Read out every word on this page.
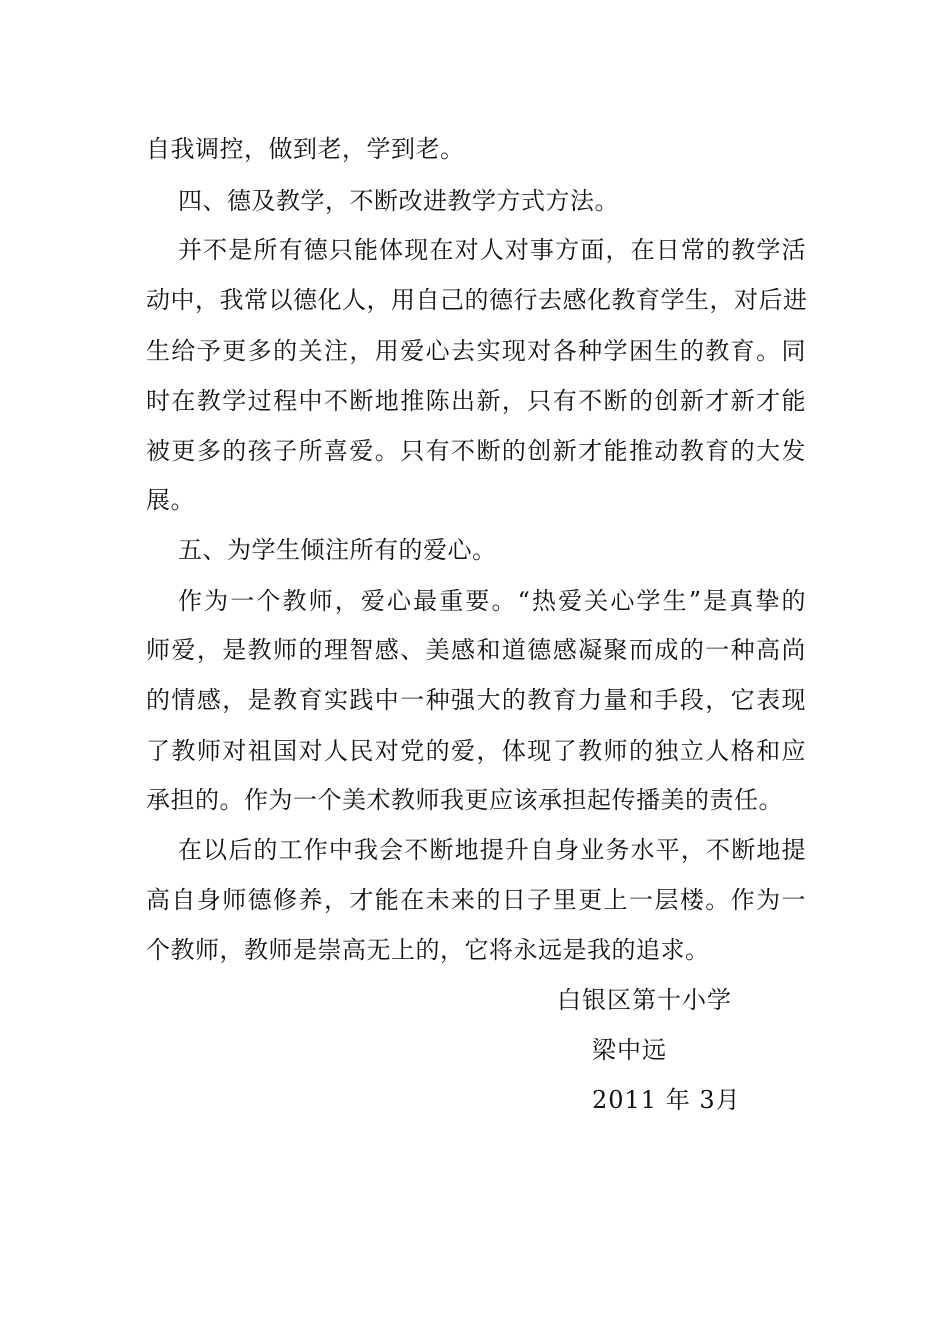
自我调控，做到老，学到老。
四、德及教学，不断改进教学方式方法。
并不是所有德只能体现在对人对事方面，在日常的教学活
动中，我常以德化人，用自己的德行去感化教育学生，对后进
生给予更多的关注，用爱心去实现对各种学困生的教育。同
时在教学过程中不断地推陈出新，只有不断的创新才新才能
被更多的孩子所喜爱。只有不断的创新才能推动教育的大发
展。
五、为学生倾注所有的爱心。
作为一个教师，爱心最重要。“热爱关心学生”是真挚的
师爱，是教师的理智感、美感和道德感凝聚而成的一种高尚
的情感，是教育实践中一种强大的教育力量和手段，它表现
了教师对祖国对人民对党的爱，体现了教师的独立人格和应
承担的。作为一个美术教师我更应该承担起传播美的责任。
在以后的工作中我会不断地提升自身业务水平，不断地提
高自身师德修养，才能在未来的日子里更上一层楼。作为一
个教师，教师是崇高无上的，它将永远是我的追求。
白银区第十小学
梁中远
2011 年 3月
